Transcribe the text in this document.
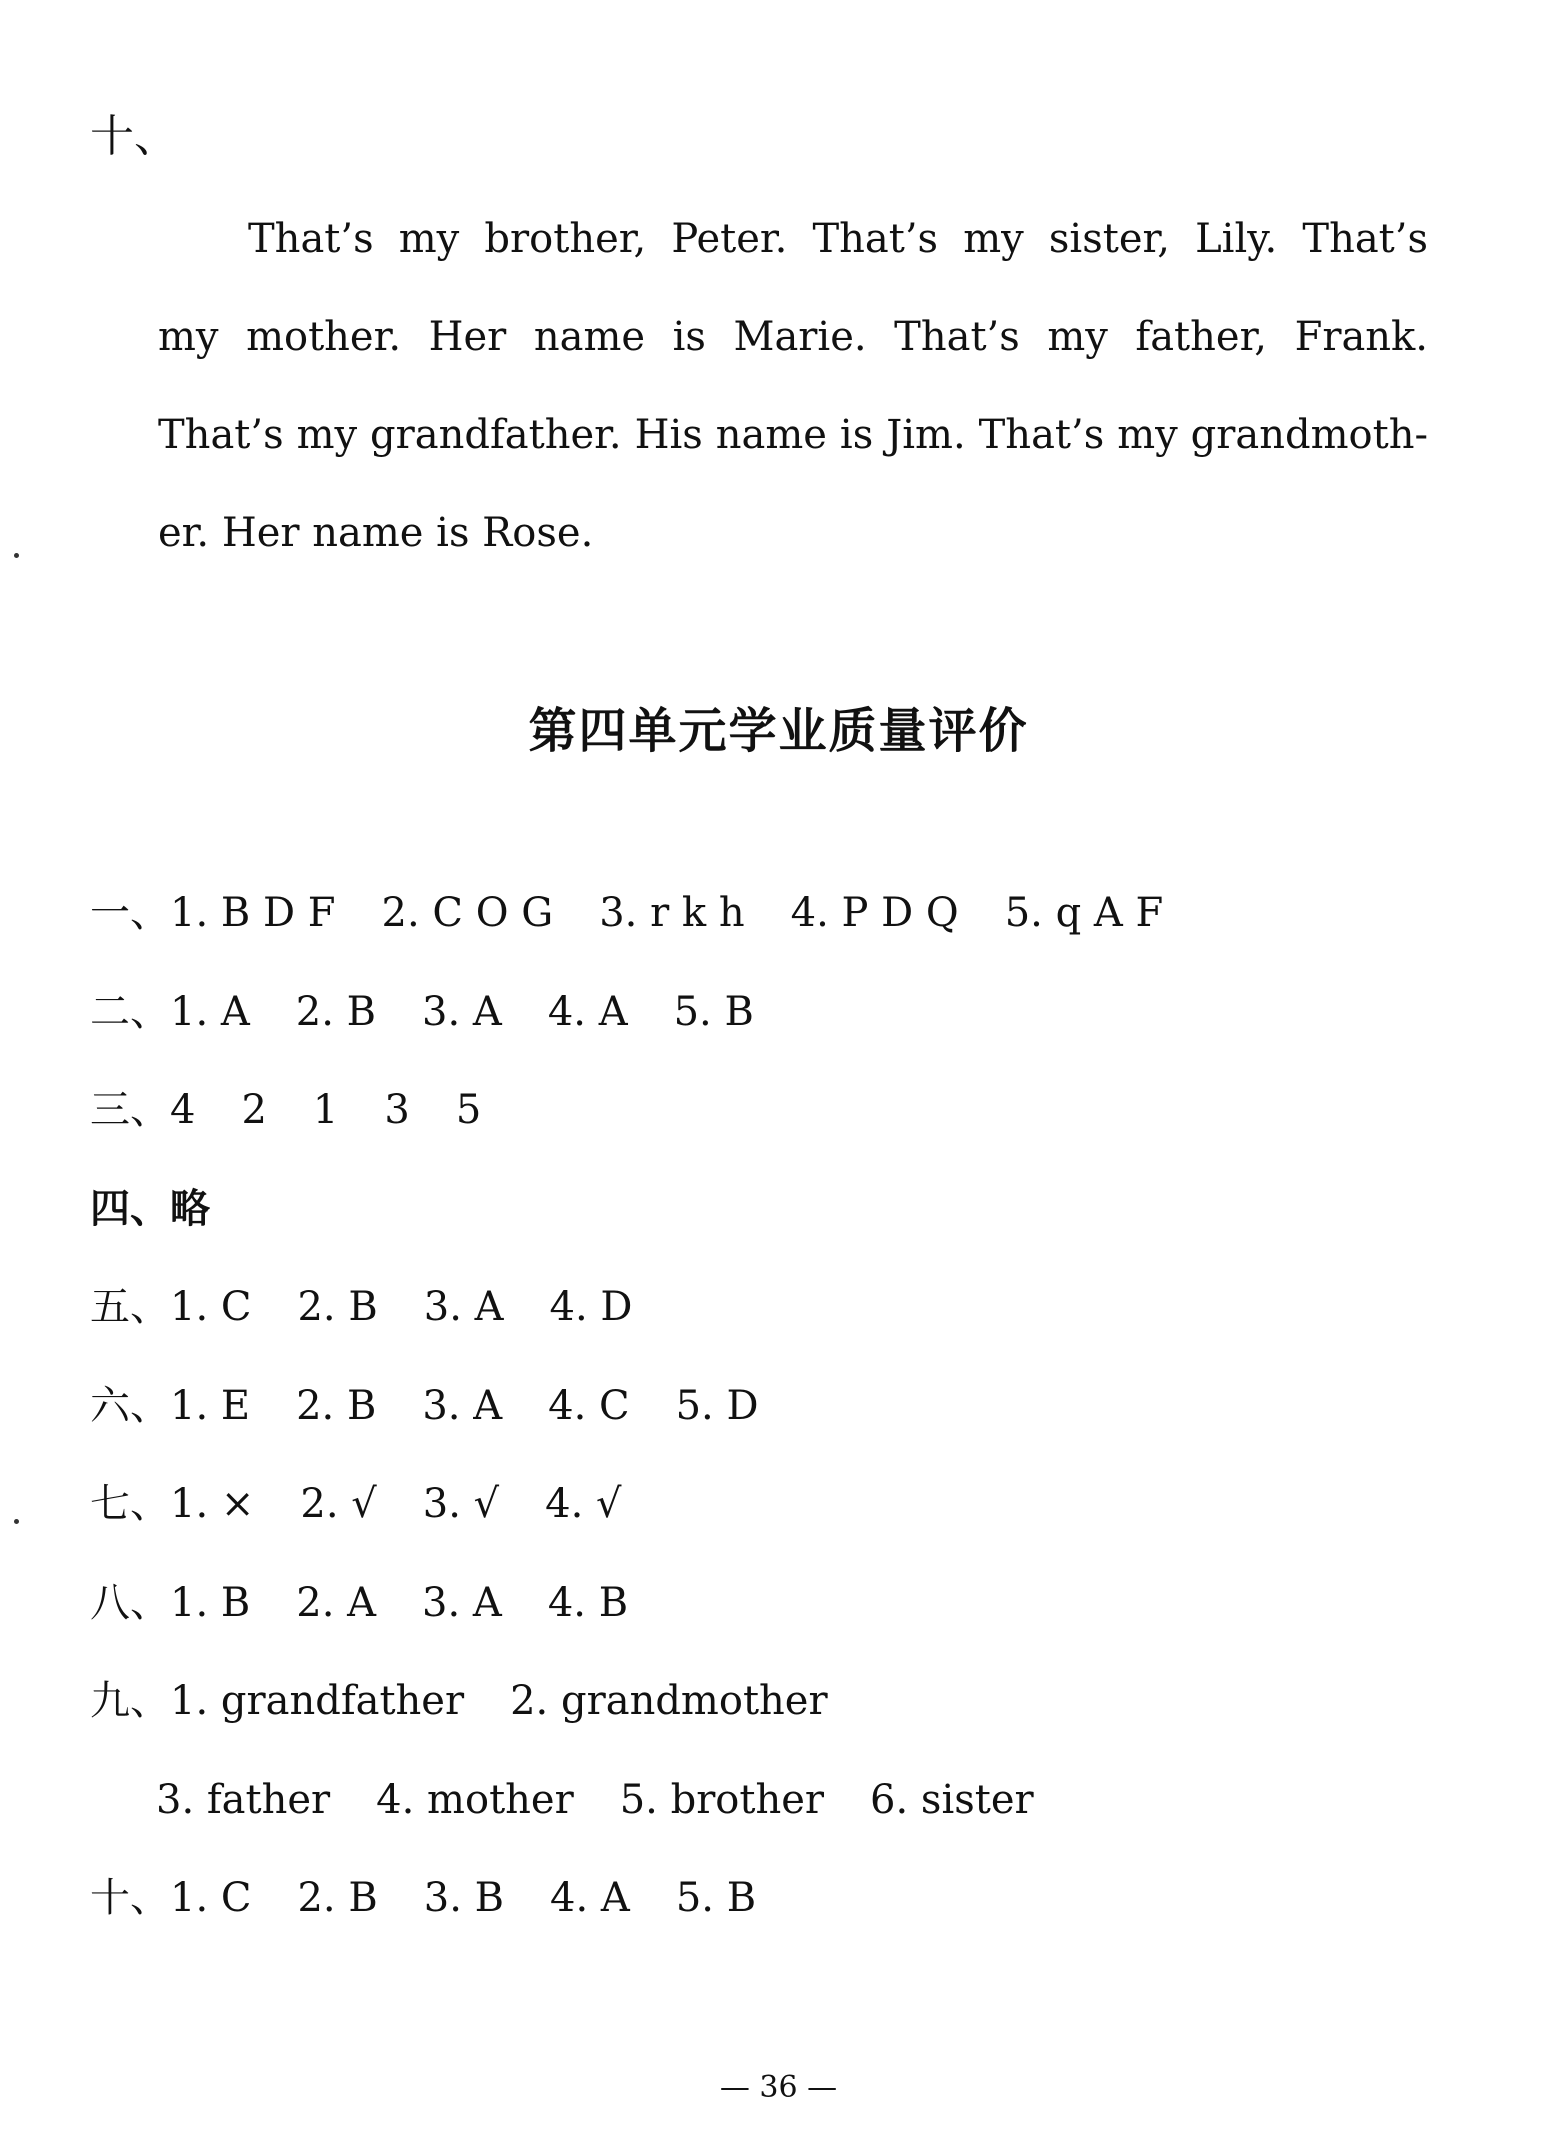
十、
That’s my brother, Peter. That’s my sister, Lily. That’s
my mother. Her name is Marie. That’s my father, Frank.
That’s my grandfather. His name is Jim. That’s my grandmoth-
er. Her name is Rose.
第四单元学业质量评价
一、 1. B D F 2. C O G 3. r k h 4. P D Q 5. q A F
二、 1. A 2. B 3. A 4. A 5. B
三、 4 2 1 3 5
四、 略
五、 1. C 2. B 3. A 4. D
六、 1. E 2. B 3. A 4. C 5. D
七、 1. × 2. √ 3. √ 4. √
八、 1. B 2. A 3. A 4. B
九、 1. grandfather 2. grandmother
3. father 4. mother 5. brother 6. sister
十、 1. C 2. B 3. B 4. A 5. B
— 36 —
